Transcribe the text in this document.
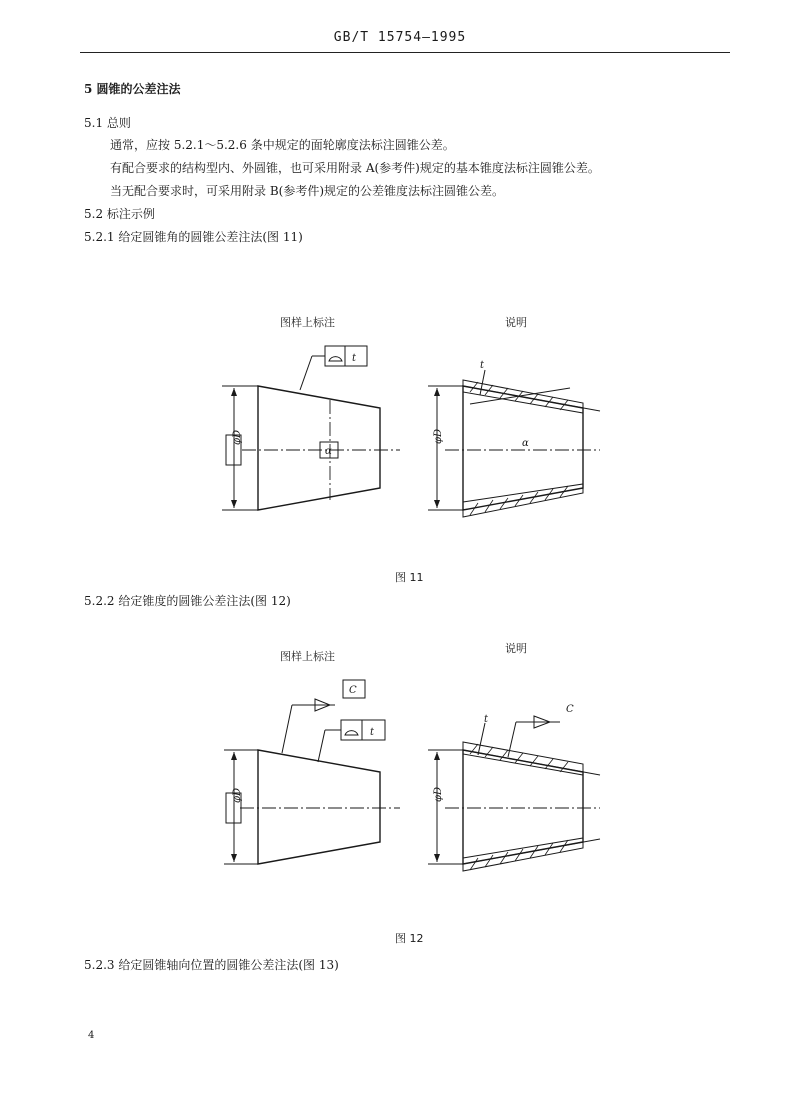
GB/T 15754—1995
5 圆锥的公差注法
5.1 总则
通常，应按 5.2.1～5.2.6 条中规定的面轮廓度法标注圆锥公差。
有配合要求的结构型内、外圆锥，也可采用附录 A(参考件)规定的基本锥度法标注圆锥公差。
当无配合要求时，可采用附录 B(参考件)规定的公差锥度法标注圆锥公差。
5.2 标注示例
5.2.1 给定圆锥角的圆锥公差注法(图 11)
图样上标注	说明
φD
α
t
α
t
φD
图 11
5.2.2 给定锥度的圆锥公差注法(图 12)
图样上标注
说明
φD
C
t
t
C
φD
图 12
5.2.3 给定圆锥轴向位置的圆锥公差注法(图 13)
4
